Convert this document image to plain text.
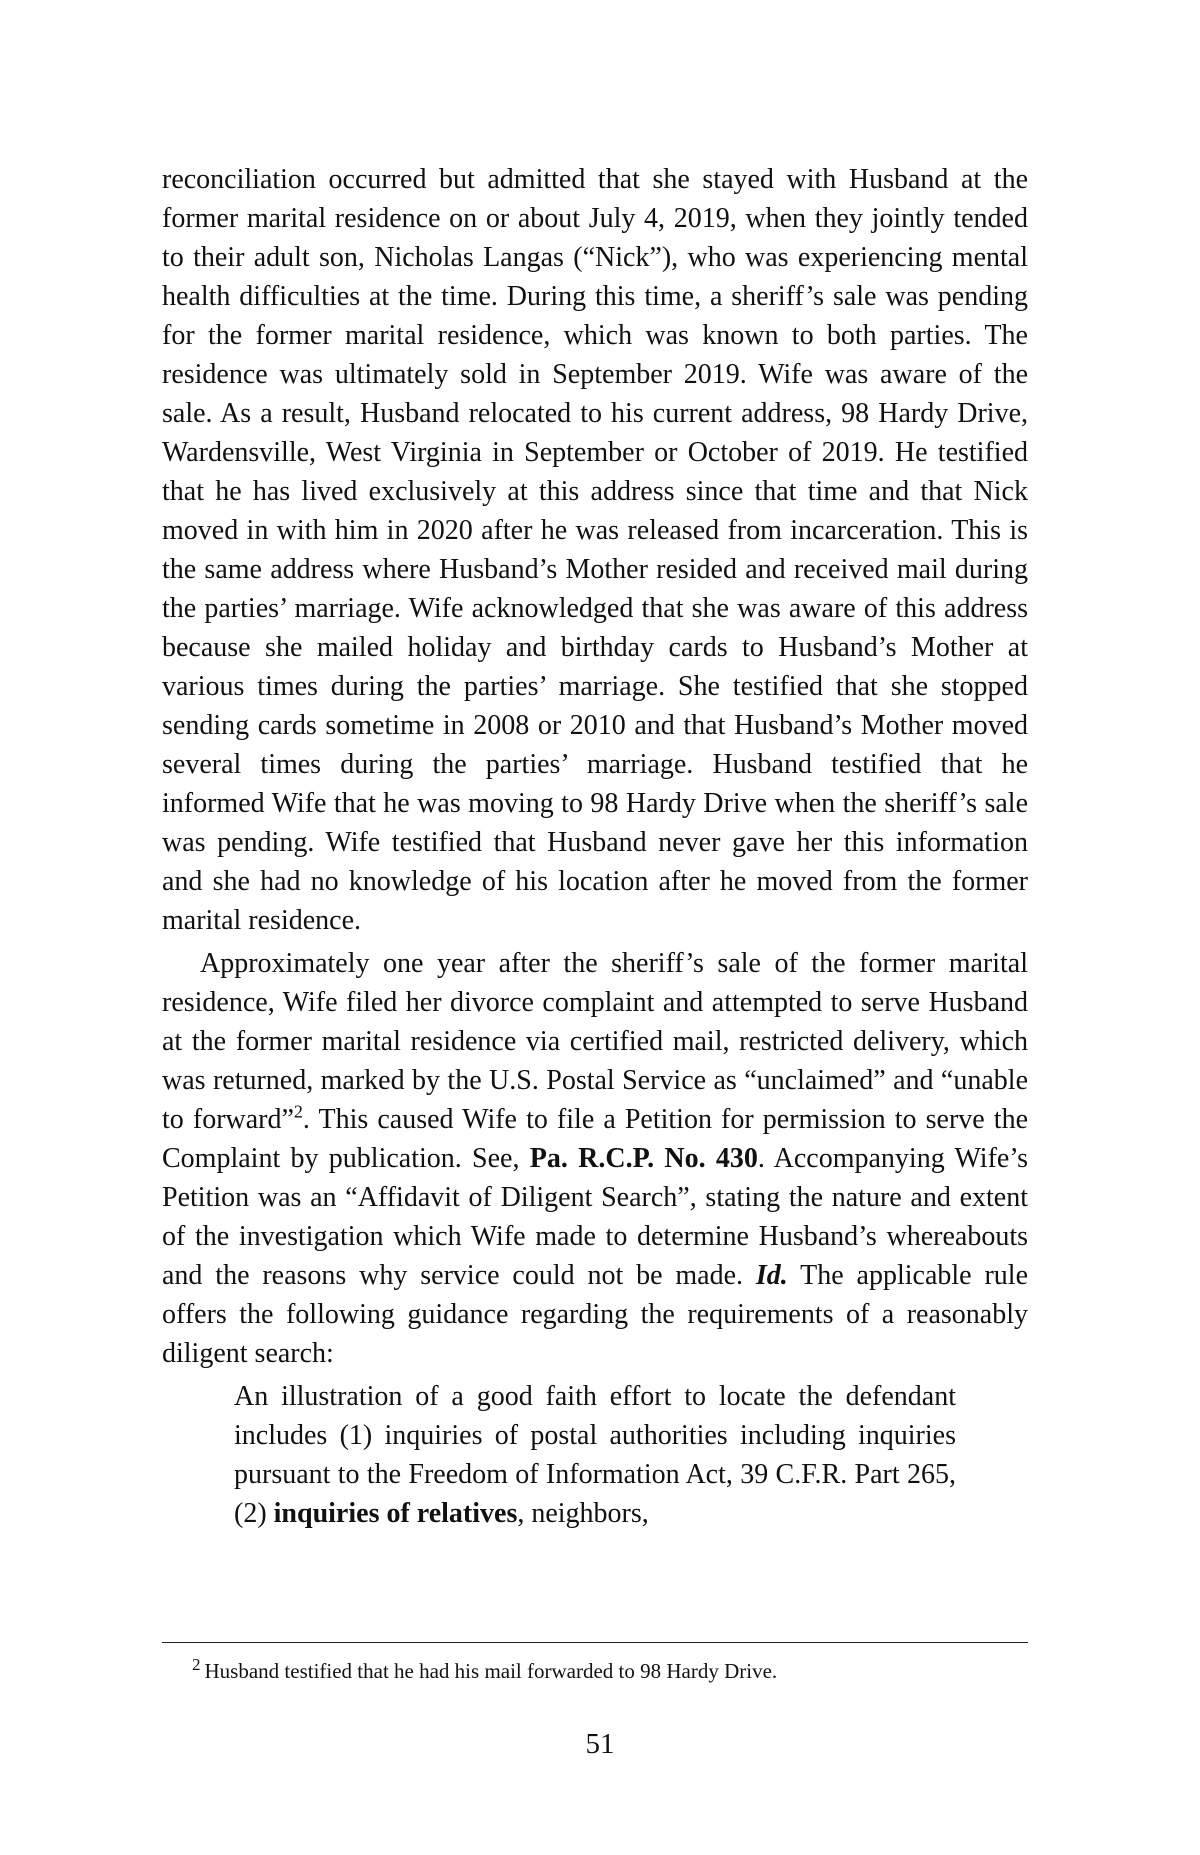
reconciliation occurred but admitted that she stayed with Husband at the former marital residence on or about July 4, 2019, when they jointly tended to their adult son, Nicholas Langas (“Nick”), who was experiencing mental health difficulties at the time. During this time, a sheriff’s sale was pending for the former marital residence, which was known to both parties. The residence was ultimately sold in September 2019. Wife was aware of the sale. As a result, Husband relocated to his current address, 98 Hardy Drive, Wardensville, West Virginia in September or October of 2019. He testified that he has lived exclusively at this address since that time and that Nick moved in with him in 2020 after he was released from incarceration. This is the same address where Husband’s Mother resided and received mail during the parties’ marriage. Wife acknowledged that she was aware of this address because she mailed holiday and birthday cards to Husband’s Mother at various times during the parties’ marriage. She testified that she stopped sending cards sometime in 2008 or 2010 and that Husband’s Mother moved several times during the parties’ marriage. Husband testified that he informed Wife that he was moving to 98 Hardy Drive when the sheriff’s sale was pending. Wife testified that Husband never gave her this information and she had no knowledge of his location after he moved from the former marital residence.

Approximately one year after the sheriff’s sale of the former marital residence, Wife filed her divorce complaint and attempted to serve Husband at the former marital residence via certified mail, restricted delivery, which was returned, marked by the U.S. Postal Service as “unclaimed” and “unable to forward”$^2$. This caused Wife to file a Petition for permission to serve the Complaint by publication. See, Pa. R.C.P. No. 430. Accompanying Wife’s Petition was an “Affidavit of Diligent Search”, stating the nature and extent of the investigation which Wife made to determine Husband’s whereabouts and the reasons why service could not be made. Id. The applicable rule offers the following guidance regarding the requirements of a reasonably diligent search:

An illustration of a good faith effort to locate the defendant includes (1) inquiries of postal authorities including inquiries pursuant to the Freedom of Information Act, 39 C.F.R. Part 265, (2) inquiries of relatives, neighbors,

$^2$ Husband testified that he had his mail forwarded to 98 Hardy Drive.
51
